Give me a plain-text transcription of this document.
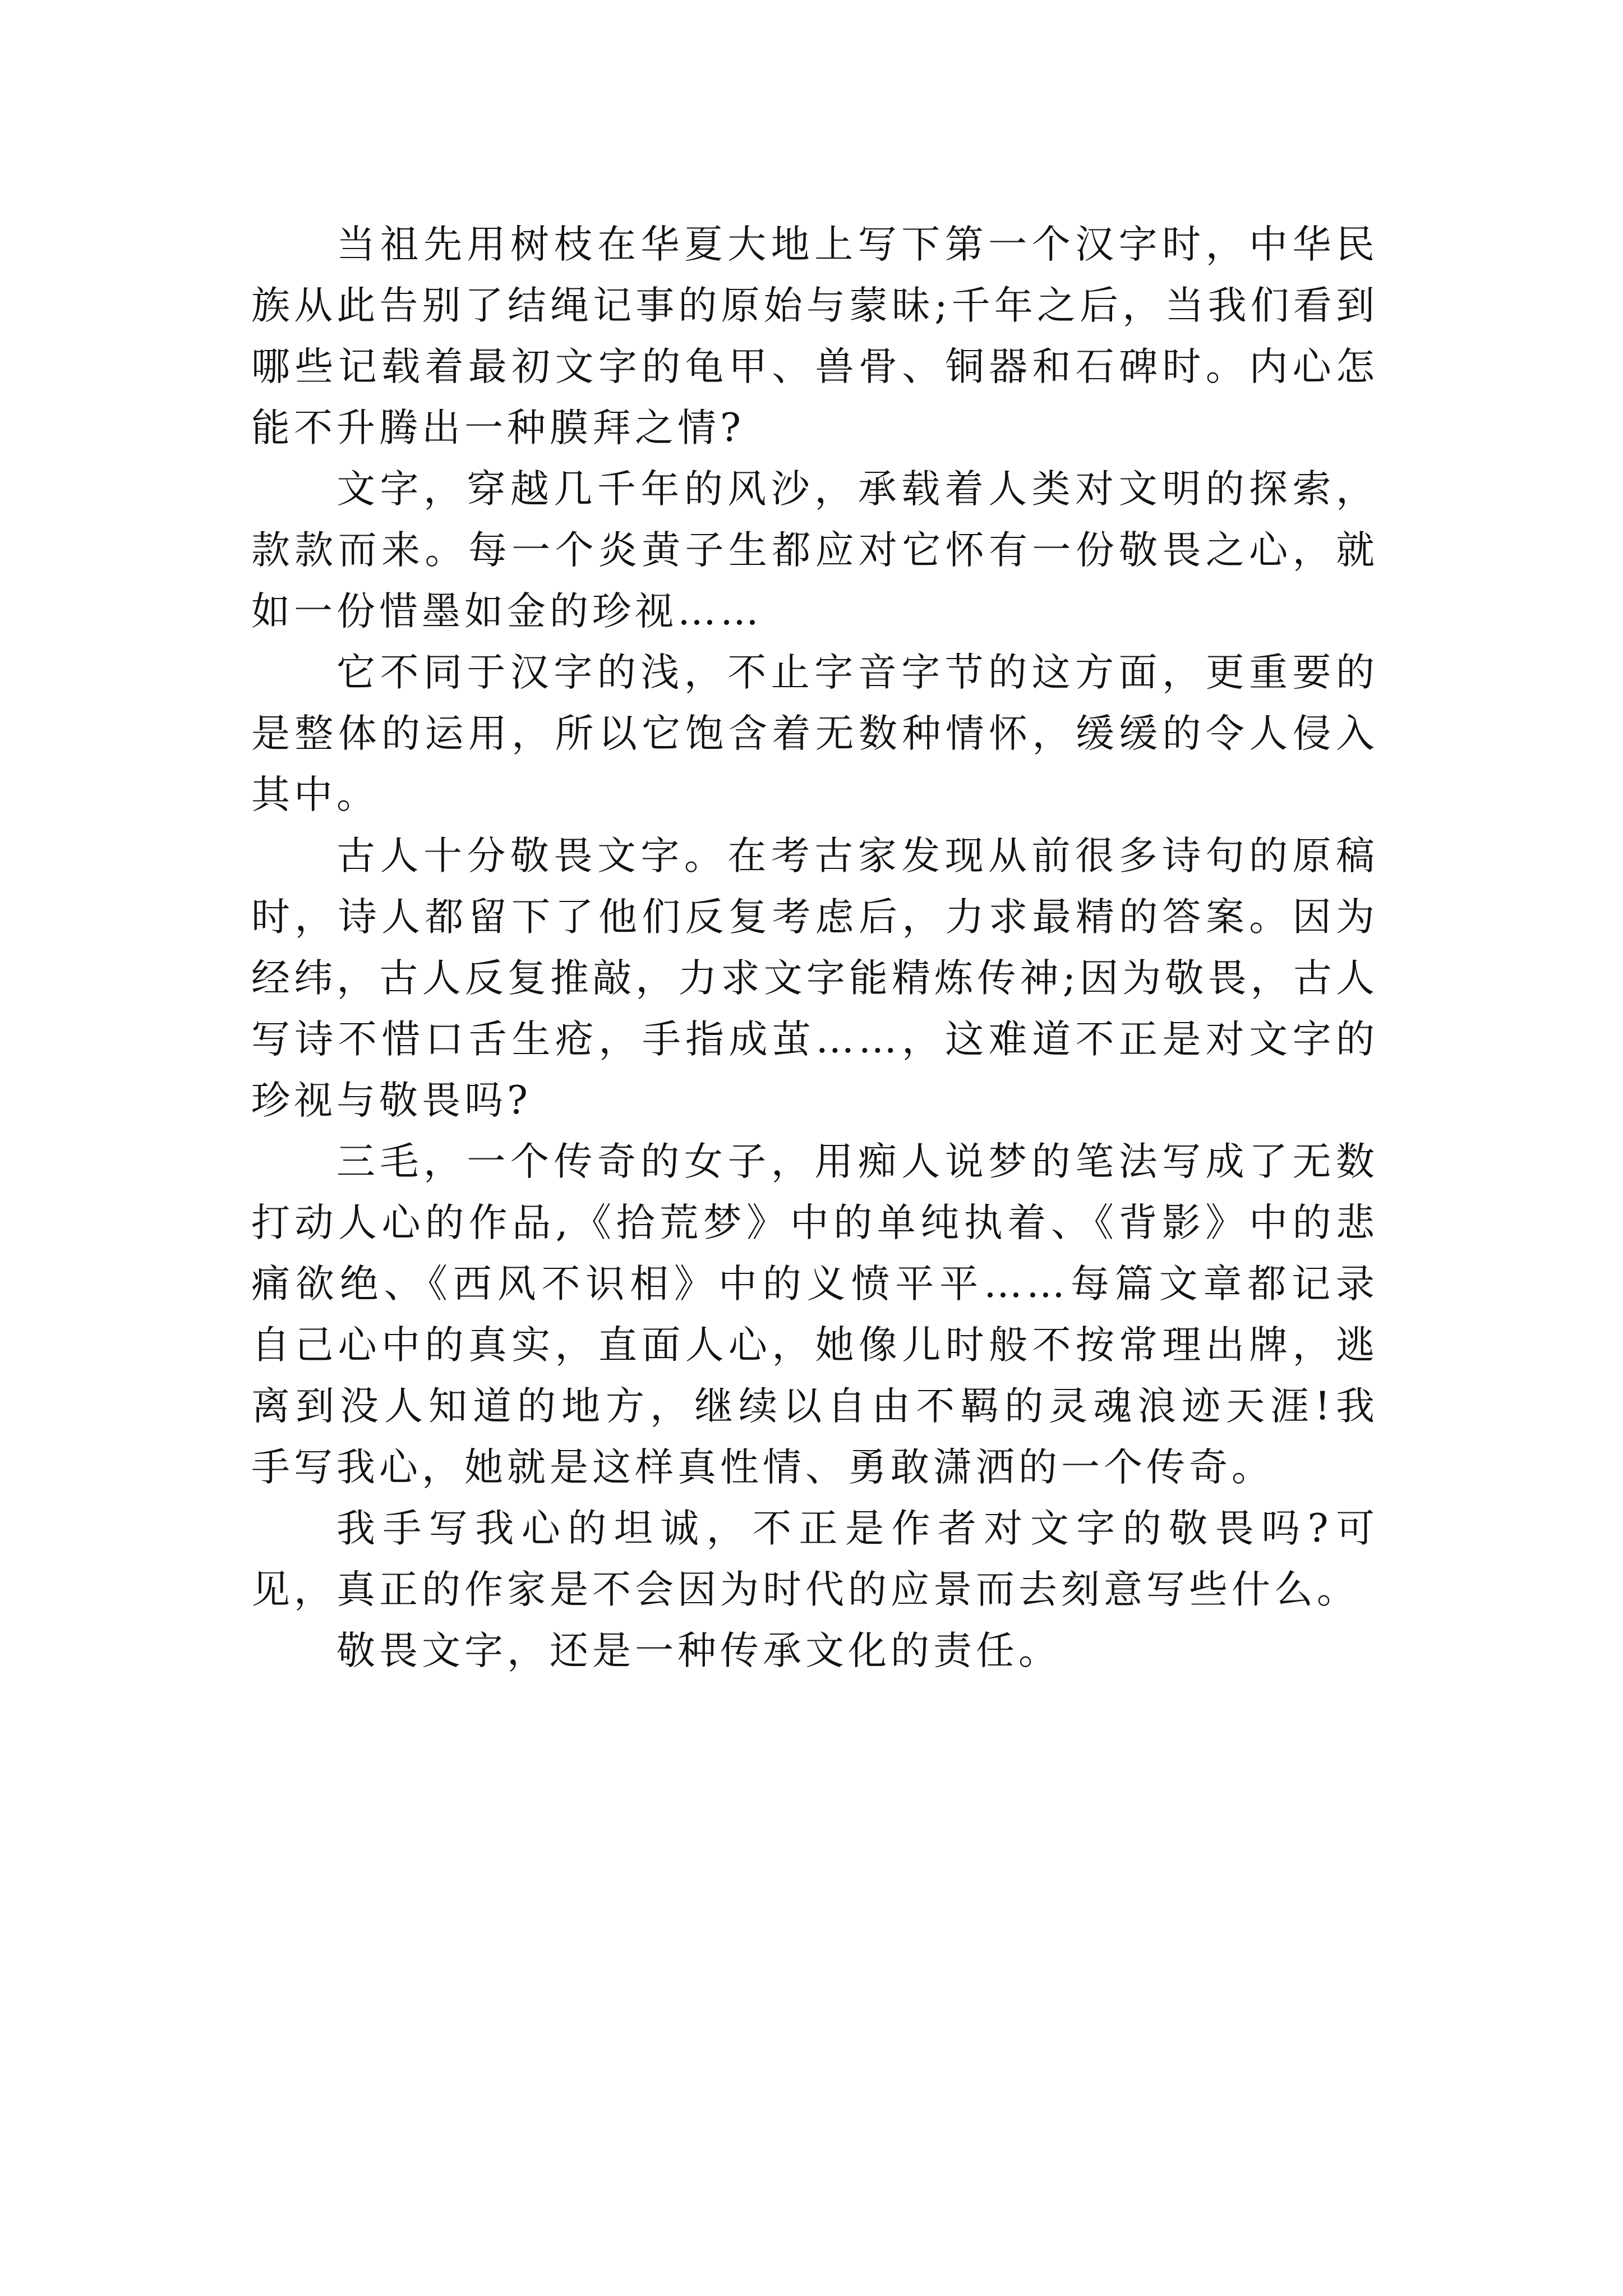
当祖先用树枝在华夏大地上写下第一个汉字时，中华民族从此告别了结绳记事的原始与蒙昧;千年之后，当我们看到哪些记载着最初文字的龟甲、兽骨、铜器和石碑时。内心怎能不升腾出一种膜拜之情?

文字，穿越几千年的风沙，承载着人类对文明的探索，款款而来。每一个炎黄子生都应对它怀有一份敬畏之心，就如一份惜墨如金的珍视……

它不同于汉字的浅，不止字音字节的这方面，更重要的是整体的运用，所以它饱含着无数种情怀，缓缓的令人侵入其中。

古人十分敬畏文字。在考古家发现从前很多诗句的原稿时，诗人都留下了他们反复考虑后，力求最精的答案。因为经纬，古人反复推敲，力求文字能精炼传神;因为敬畏，古人写诗不惜口舌生疮，手指成茧……，这难道不正是对文字的珍视与敬畏吗?

三毛，一个传奇的女子，用痴人说梦的笔法写成了无数打动人心的作品,《拾荒梦》中的单纯执着、《背影》中的悲痛欲绝、《西风不识相》中的义愤平平……每篇文章都记录自己心中的真实，直面人心，她像儿时般不按常理出牌，逃离到没人知道的地方，继续以自由不羁的灵魂浪迹天涯!我手写我心，她就是这样真性情、勇敢潇洒的一个传奇。

我手写我心的坦诚，不正是作者对文字的敬畏吗?可见，真正的作家是不会因为时代的应景而去刻意写些什么。

敬畏文字，还是一种传承文化的责任。
